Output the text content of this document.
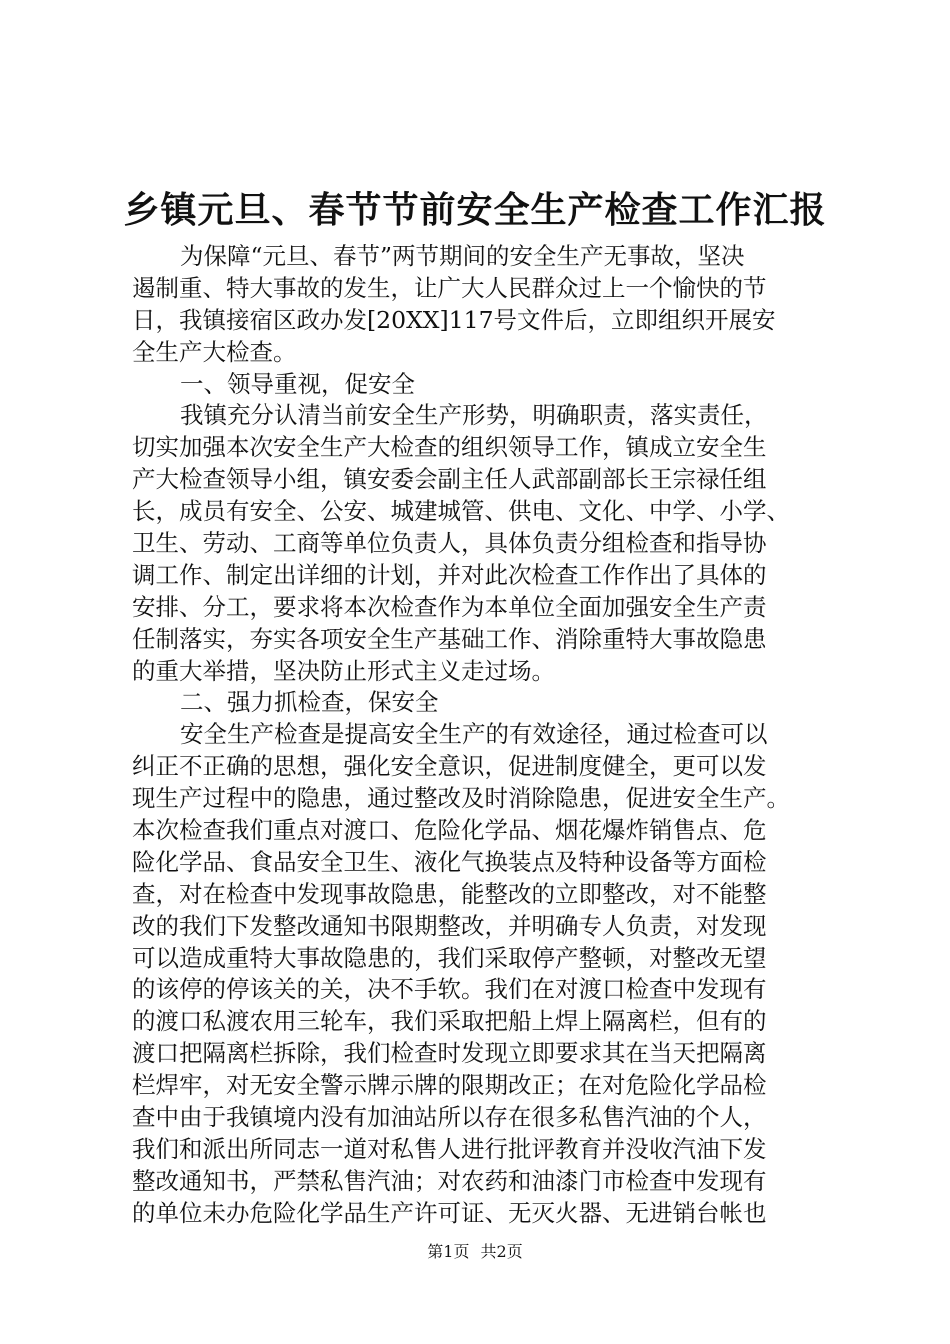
乡镇元旦、春节节前安全生产检查工作汇报
为保障“元旦、春节”两节期间的安全生产无事故，坚决
遏制重、特大事故的发生，让广大人民群众过上一个愉快的节
日，我镇接宿区政办发[20XX]117号文件后，立即组织开展安
全生产大检查。
一、领导重视，促安全
我镇充分认清当前安全生产形势，明确职责，落实责任，
切实加强本次安全生产大检查的组织领导工作，镇成立安全生
产大检查领导小组，镇安委会副主任人武部副部长王宗禄任组
长，成员有安全、公安、城建城管、供电、文化、中学、小学、
卫生、劳动、工商等单位负责人，具体负责分组检查和指导协
调工作、制定出详细的计划，并对此次检查工作作出了具体的
安排、分工，要求将本次检查作为本单位全面加强安全生产责
任制落实，夯实各项安全生产基础工作、消除重特大事故隐患
的重大举措，坚决防止形式主义走过场。
二、强力抓检查，保安全
安全生产检查是提高安全生产的有效途径，通过检查可以
纠正不正确的思想，强化安全意识，促进制度健全，更可以发
现生产过程中的隐患，通过整改及时消除隐患，促进安全生产。
本次检查我们重点对渡口、危险化学品、烟花爆炸销售点、危
险化学品、食品安全卫生、液化气换装点及特种设备等方面检
查，对在检查中发现事故隐患，能整改的立即整改，对不能整
改的我们下发整改通知书限期整改，并明确专人负责，对发现
可以造成重特大事故隐患的，我们采取停产整顿，对整改无望
的该停的停该关的关，决不手软。我们在对渡口检查中发现有
的渡口私渡农用三轮车，我们采取把船上焊上隔离栏，但有的
渡口把隔离栏拆除，我们检查时发现立即要求其在当天把隔离
栏焊牢，对无安全警示牌示牌的限期改正；在对危险化学品检
查中由于我镇境内没有加油站所以存在很多私售汽油的个人，
我们和派出所同志一道对私售人进行批评教育并没收汽油下发
整改通知书，严禁私售汽油；对农药和油漆门市检查中发现有
的单位未办危险化学品生产许可证、无灭火器、无进销台帐也
第1页 共2页
